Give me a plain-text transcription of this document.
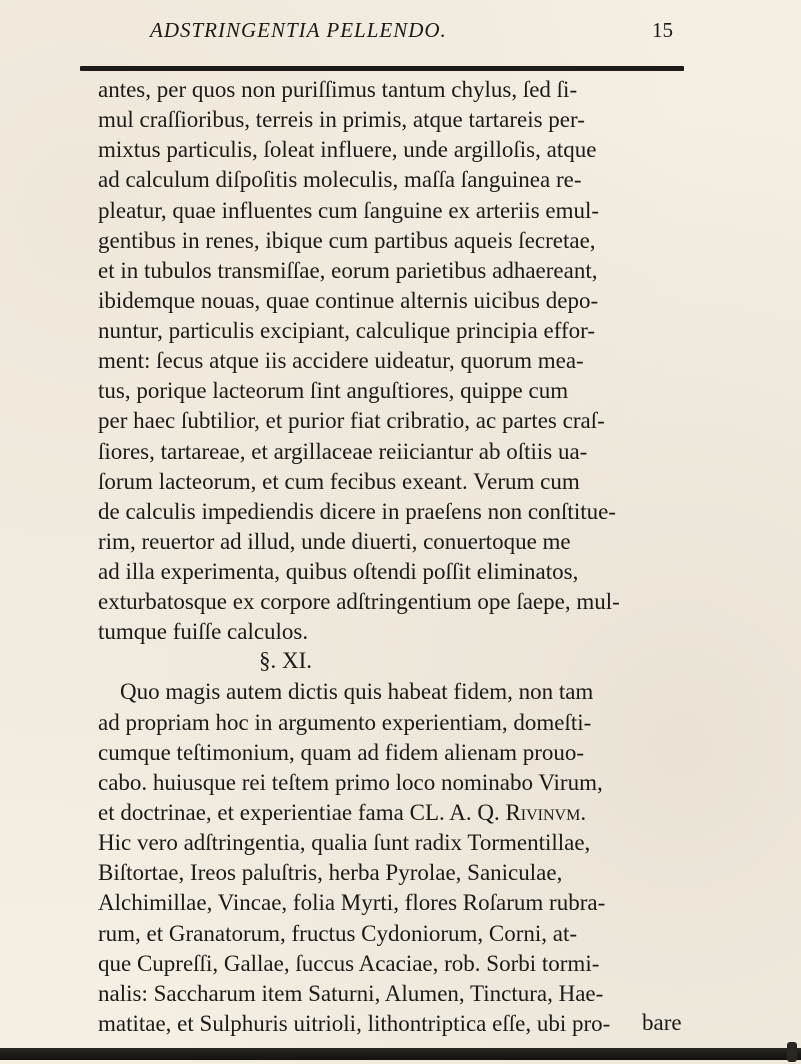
ADSTRINGENTIA PELLENDO.	15
antes, per quos non puriſſimus tantum chylus, ſed ſi-
mul craſſioribus, terreis in primis, atque tartareis per-
mixtus particulis, ſoleat influere, unde argilloſis, atque
ad calculum diſpoſitis moleculis, maſſa ſanguinea re-
pleatur, quae influentes cum ſanguine ex arteriis emul-
gentibus in renes, ibique cum partibus aqueis ſecretae,
et in tubulos transmiſſae, eorum parietibus adhaereant,
ibidemque nouas, quae continue alternis uicibus depo-
nuntur, particulis excipiant, calculique principia effor-
ment: ſecus atque iis accidere uideatur, quorum mea-
tus, porique lacteorum ſint anguſtiores, quippe cum
per haec ſubtilior, et purior fiat cribratio, ac partes craſ-
ſiores, tartareae, et argillaceae reiiciantur ab oſtiis ua-
ſorum lacteorum, et cum fecibus exeant. Verum cum
de calculis impediendis dicere in praeſens non conſtitue-
rim, reuertor ad illud, unde diuerti, conuertoque me
ad illa experimenta, quibus oſtendi poſſit eliminatos,
exturbatosque ex corpore adſtringentium ope ſaepe, mul-
tumque fuiſſe calculos.
Quo magis autem dictis quis habeat fidem, non tam
ad propriam hoc in argumento experientiam, domeſti-
cumque teſtimonium, quam ad fidem alienam prouo-
cabo. huiusque rei teſtem primo loco nominabo Virum,
et doctrinae, et experientiae fama CL. A. Q. Rivinvm.
Hic vero adſtringentia, qualia ſunt radix Tormentillae,
Biſtortae, Ireos paluſtris, herba Pyrolae, Saniculae,
Alchimillae, Vincae, folia Myrti, flores Roſarum rubra-
rum, et Granatorum, fructus Cydoniorum, Corni, at-
que Cupreſſi, Gallae, ſuccus Acaciae, rob. Sorbi tormi-
nalis: Saccharum item Saturni, Alumen, Tinctura, Hae-
matitae, et Sulphuris uitrioli, lithontriptica eſſe, ubi pro-
§. XI.
bare
